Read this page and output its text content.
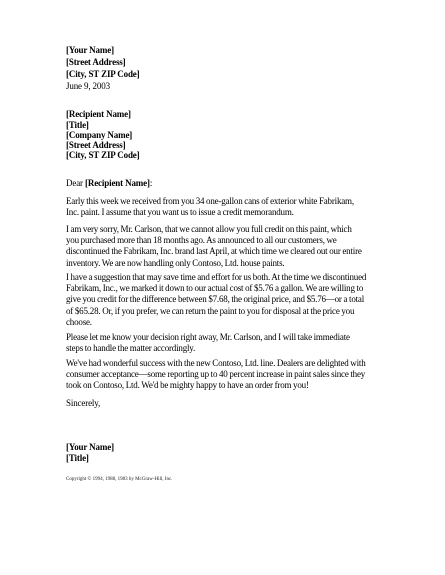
[Your Name]
[Street Address]
[City, ST ZIP Code]
June 9, 2003
[Recipient Name]
[Title]
[Company Name]
[Street Address]
[City, ST ZIP Code]
Dear [Recipient Name]:
Early this week we received from you 34 one-gallon cans of exterior white Fabrikam,
Inc. paint. I assume that you want us to issue a credit memorandum.
I am very sorry, Mr. Carlson, that we cannot allow you full credit on this paint, which
you purchased more than 18 months ago. As announced to all our customers, we
discontinued the Fabrikam, Inc. brand last April, at which time we cleared out our entire
inventory. We are now handling only Contoso, Ltd. house paints.
I have a suggestion that may save time and effort for us both. At the time we discontinued
Fabrikam, Inc., we marked it down to our actual cost of $5.76 a gallon. We are willing to
give you credit for the difference between $7.68, the original price, and $5.76—or a total
of $65.28. Or, if you prefer, we can return the paint to you for disposal at the price you
choose.
Please let me know your decision right away, Mr. Carlson, and I will take immediate
steps to handle the matter accordingly.
We've had wonderful success with the new Contoso, Ltd. line. Dealers are delighted with
consumer acceptance—some reporting up to 40 percent increase in paint sales since they
took on Contoso, Ltd. We'd be mighty happy to have an order from you!
Sincerely,
[Your Name]
[Title]
Copyright © 1994, 1988, 1983 by McGraw-Hill, Inc.
